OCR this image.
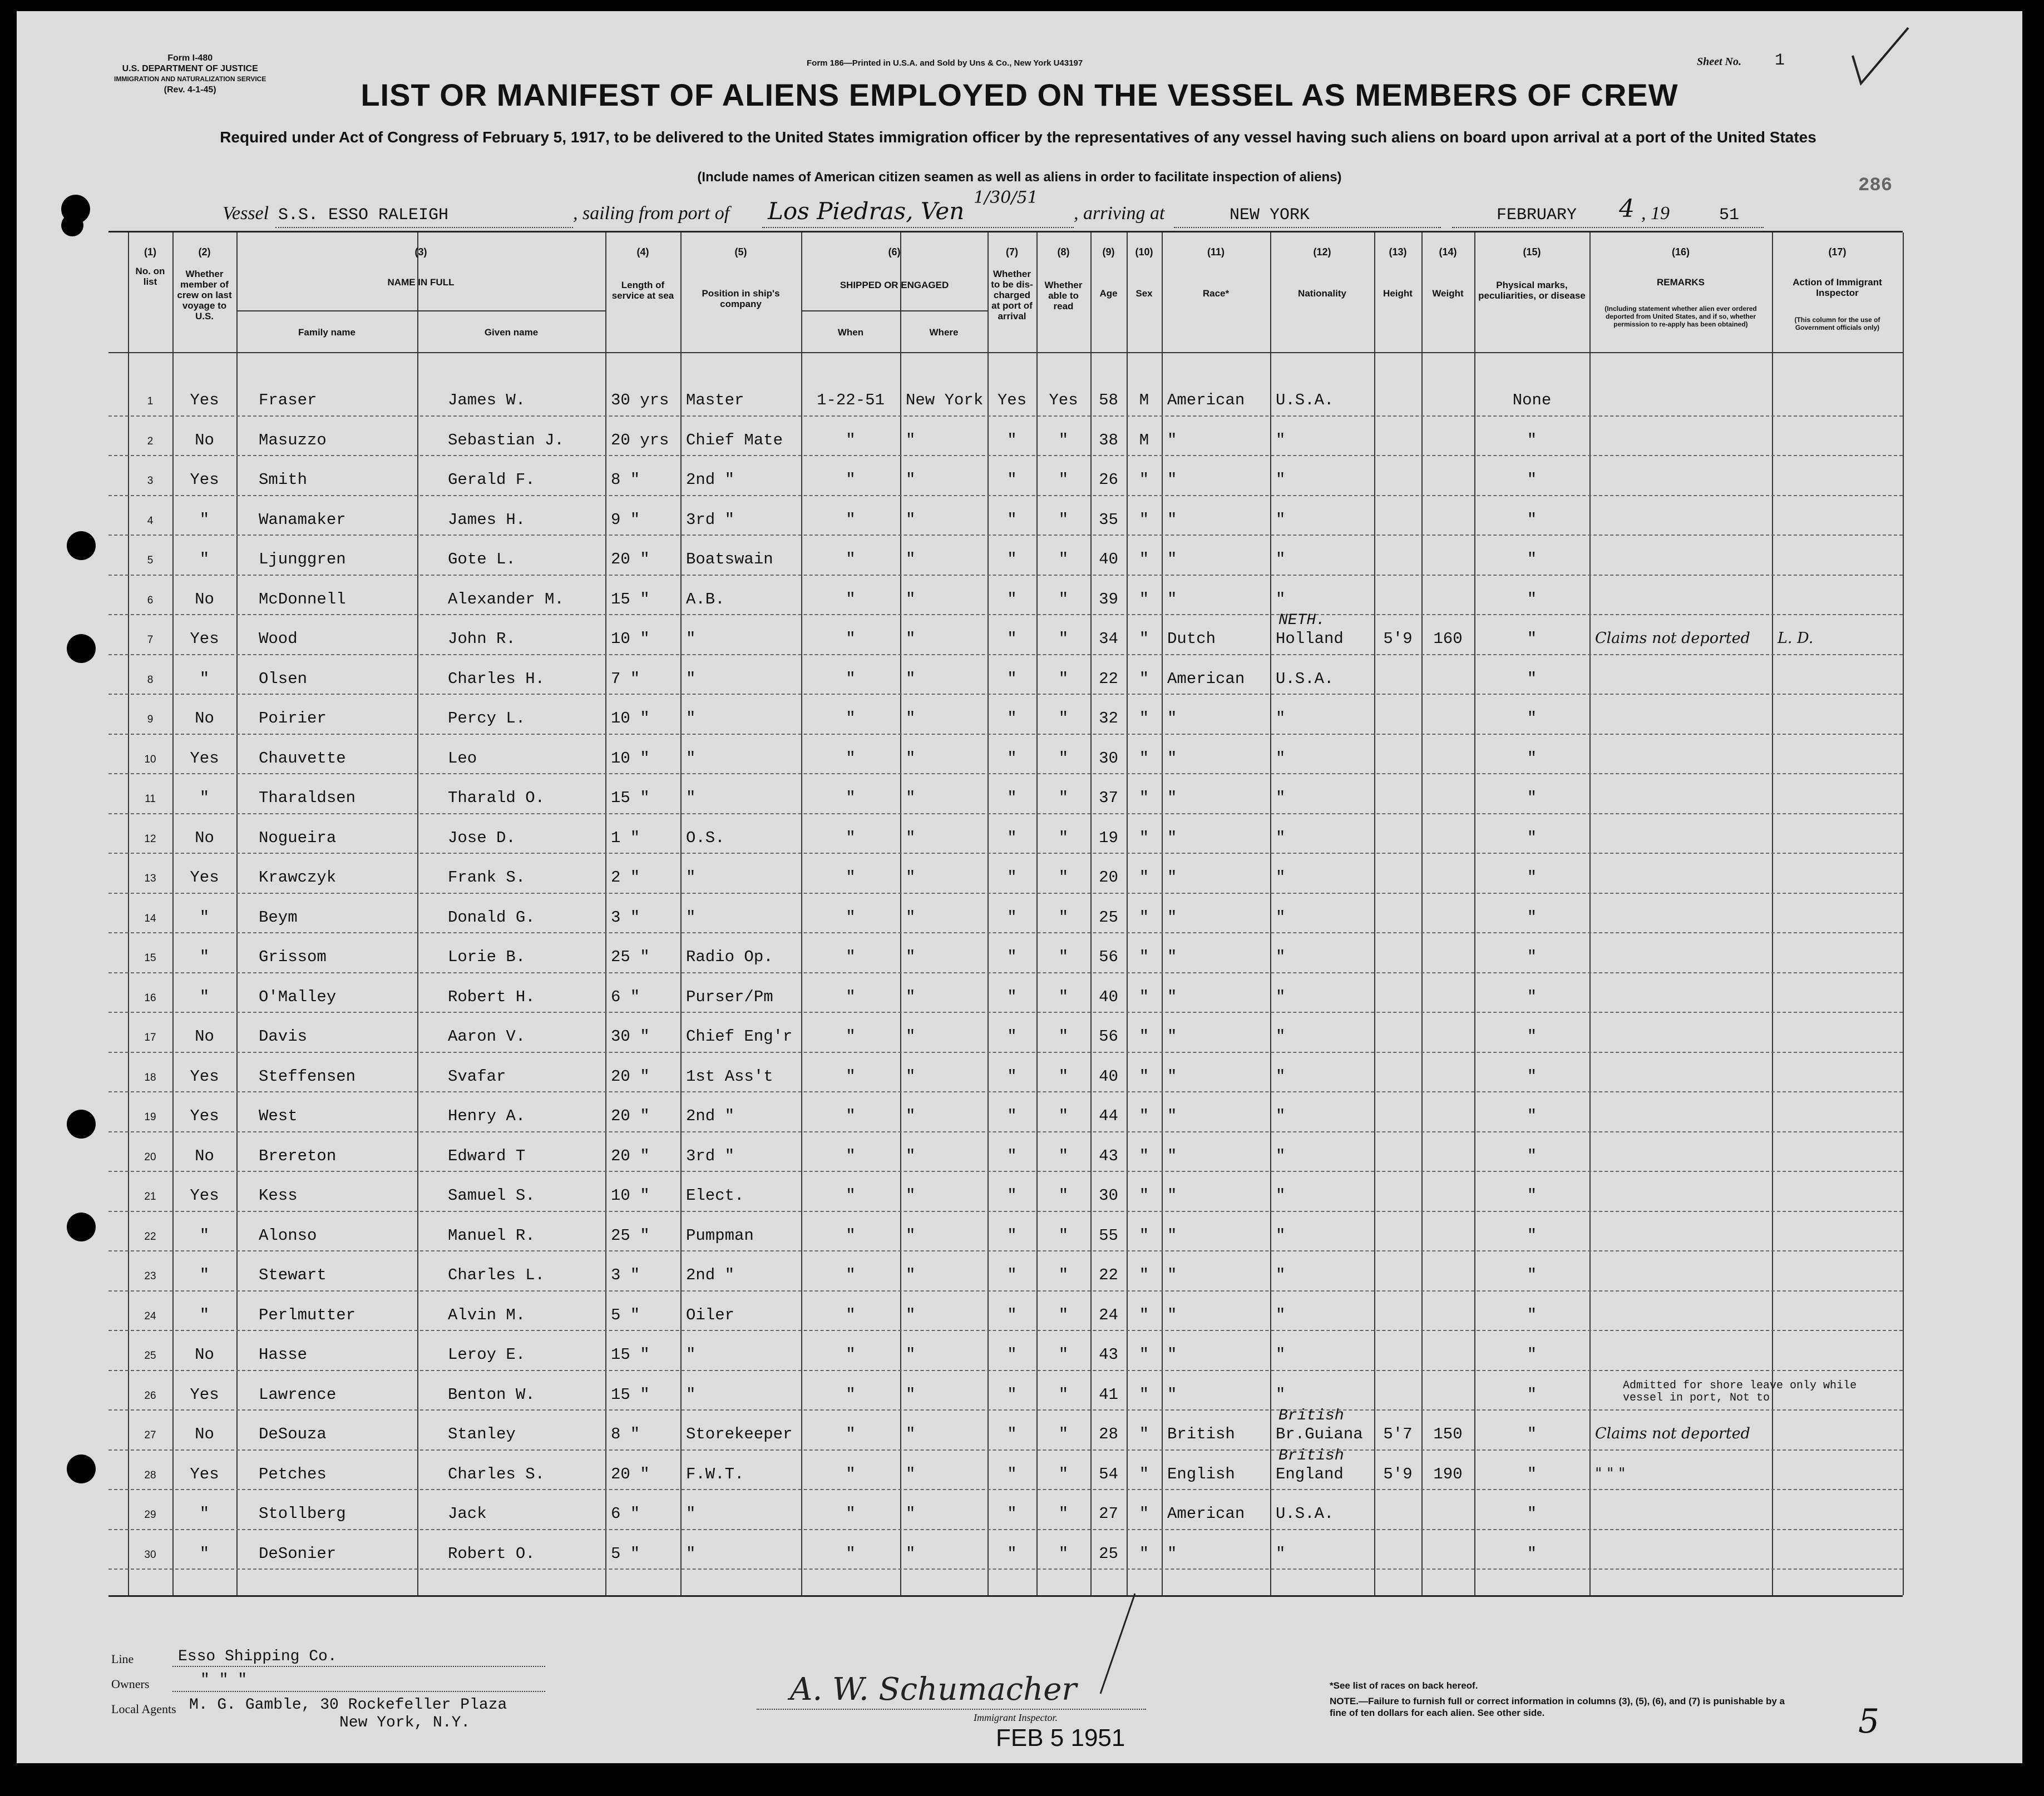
Form I-480
U.S. DEPARTMENT OF JUSTICE
IMMIGRATION AND NATURALIZATION SERVICE
(Rev. 4-1-45)
Form 186—Printed in U.S.A. and Sold by Uns & Co., New York U43197	Sheet No. 1
LIST OR MANIFEST OF ALIENS EMPLOYED ON THE VESSEL AS MEMBERS OF CREW
Required under Act of Congress of February 5, 1917, to be delivered to the United States immigration officer by the representatives of any vessel having such aliens on board upon arrival at a port of the United States
(Include names of American citizen seamen as well as aliens in order to facilitate inspection of aliens)	286
Vessel S.S. ESSO RALEIGH	, sailing from port of Los Piedras, Ven 1/30/51
, arriving at	NEW YORK	FEBRUARY 4 , 19	51
(1)
No. on list
(2)
Whether member of crew on last voyage to U.S.
(3)
NAME IN FULL
(4)
Length of service at sea
(5)
Position in ship's company
(6)
SHIPPED OR ENGAGED
(7)
Whether to be dis-charged at port of arrival
(8)
Whether able to read
(9)
Age
(10)
Sex
(11)
Race*
(12)
Nationality
(13)
Height
(14)
Weight
(15)
Physical marks, peculiarities, or disease
(16)
REMARKS
(17)
Action of Immigrant Inspector
Family name	Given name	When	Where
(Including statement whether alien ever ordered deported from United States, and if so, whether permission to re-apply has been obtained)
(This column for the use of Government officials only)
1	Yes	Fraser	James W.	30 yrs Master	1-22-51	New York Yes	Yes	58	M	American U.S.A.	None
2	No	Masuzzo	Sebastian J.	20 yrs Chief Mate	"	"	"	"	38	M	"	"	"
3	Yes	Smith	Gerald F.	8 "	2nd "	"	"	"	"	26	"	"	"	"
4	"	Wanamaker	James H.	9 "	3rd "	"	"	"	"	35	"	"	"	"
5	"	Ljunggren	Gote L.	20 " Boatswain	"	"	"	"	40	"	"	"	"
6	No	McDonnell	Alexander M.	15 " A.B.	"	"	"	"	39	"	"	"	"
7	Yes	Wood	John R.	10 " "	"	"	"	"	34	"	Dutch	Holland	5'9	160	"	Claims not deported L. D.
NETH.
8	"	Olsen	Charles H.	7 "	"	"	"	"	"	22	"	American U.S.A.	"
9	No	Poirier	Percy L.	10 " "	"	"	"	"	32	"	"	"	"
10	Yes	Chauvette	Leo	10 " "	"	"	"	"	30	"	"	"	"
11	"	Tharaldsen	Tharald O.	15 " "	"	"	"	"	37	"	"	"	"
12	No	Nogueira	Jose D.	1 "	O.S.	"	"	"	"	19	"	"	"	"
13	Yes	Krawczyk	Frank S.	2 "	"	"	"	"	"	20	"	"	"	"
14	"	Beym	Donald G.	3 "	"	"	"	"	"	25	"	"	"	"
15	"	Grissom	Lorie B.	25 " Radio Op.	"	"	"	"	56	"	"	"	"
16	"	O'Malley	Robert H.	6 "	Purser/Pm	"	"	"	"	40	"	"	"	"
17	No	Davis	Aaron V.	30 " Chief Eng'r	"	"	"	"	56	"	"	"	"
18	Yes	Steffensen	Svafar	20 " 1st Ass't	"	"	"	"	40	"	"	"	"
19	Yes	West	Henry A.	20 " 2nd "	"	"	"	"	44	"	"	"	"
20	No	Brereton	Edward T	20 " 3rd "	"	"	"	"	43	"	"	"	"
21	Yes	Kess	Samuel S.	10 " Elect.	"	"	"	"	30	"	"	"	"
22	"	Alonso	Manuel R.	25 " Pumpman	"	"	"	"	55	"	"	"	"
23	"	Stewart	Charles L.	3 "	2nd "	"	"	"	"	22	"	"	"	"
24	"	Perlmutter	Alvin M.	5 "	Oiler	"	"	"	"	24	"	"	"	"
25	No	Hasse	Leroy E.	15 " "	"	"	"	"	43	"	"	"	"
26	Yes	Lawrence	Benton W.	15 " "	"	"	"	"	41	"	"	"	"	Admitted for shore leave only while vessel in port, Not to
27	No	DeSouza	Stanley	8 "	Storekeeper	"	"	"	"	28	"	British	Br.Guiana	5'7	150	"	Claims not deported
British
28	Yes	Petches	Charles S.	20 " F.W.T.	"	"	"	"	54	"	English	England	5'9	190	"	" " "
British
29	"	Stollberg	Jack	6 "	"	"	"	"	"	27	"	American U.S.A.	"
30	"	DeSonier	Robert O.	5 "	"	"	"	"	"	25	"	"	"	"
Line	Esso Shipping Co.
Owners	" " "
Local Agents M. G. Gamble, 30 Rockefeller Plaza
New York, N.Y.
A. W. Schumacher
Immigrant Inspector.
FEB 5 1951
*See list of races on back hereof.
NOTE.—Failure to furnish full or correct information in columns (3), (5), (6), and (7) is punishable by a fine of ten dollars for each alien. See other side.	5
